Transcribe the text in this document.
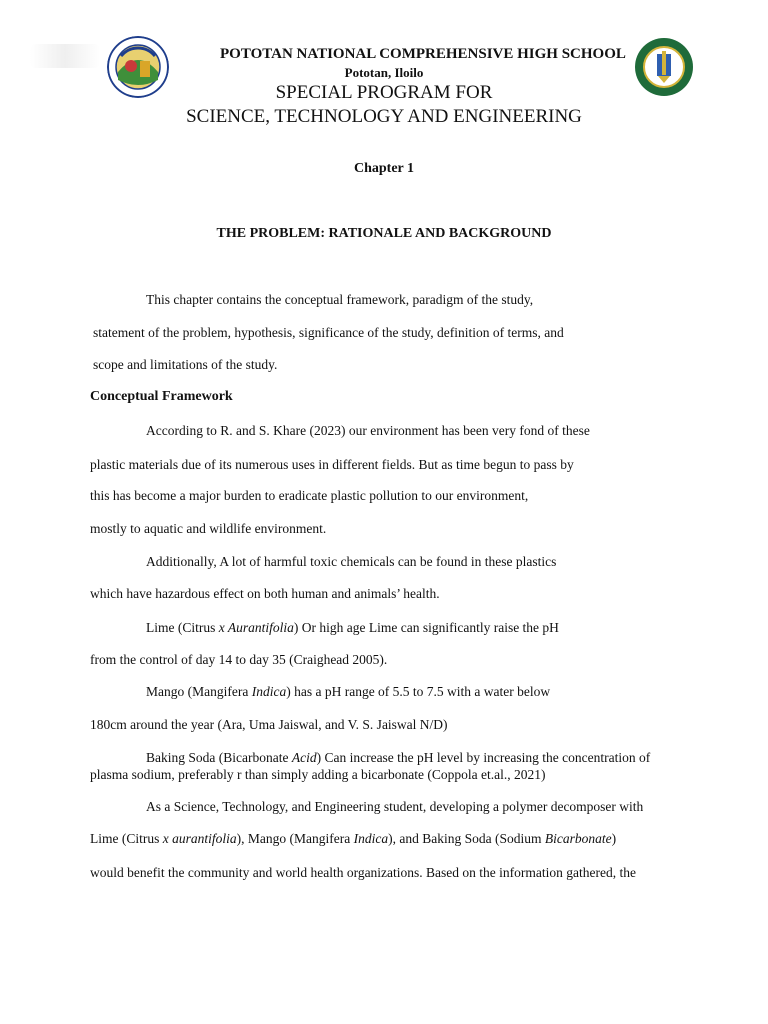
POTOTAN NATIONAL COMPREHENSIVE HIGH SCHOOL
Pototan, Iloilo
SPECIAL PROGRAM FOR
SCIENCE, TECHNOLOGY AND ENGINEERING
Chapter 1
THE PROBLEM: RATIONALE AND BACKGROUND
This chapter contains the conceptual framework, paradigm of the study,
statement of the problem, hypothesis, significance of the study, definition of terms, and
scope and limitations of the study.
Conceptual Framework
According to R. and S. Khare (2023) our environment has been very fond of these
plastic materials due of its numerous uses in different fields. But as time begun to pass by
this has become a major burden to eradicate plastic pollution to our environment,
mostly to aquatic and wildlife environment.
Additionally, A lot of harmful toxic chemicals can be found in these plastics
which have hazardous effect on both human and animals’ health.
Lime (Citrus x Aurantifolia) Or high age Lime can significantly raise the pH
from the control of day 14 to day 35 (Craighead 2005).
Mango (Mangifera Indica) has a pH range of 5.5 to 7.5 with a water below
180cm around the year (Ara, Uma Jaiswal, and V. S. Jaiswal N/D)
Baking Soda (Bicarbonate Acid) Can increase the pH level by increasing the concentration of
plasma sodium, preferably r than simply adding a bicarbonate (Coppola et.al., 2021)
As a Science, Technology, and Engineering student, developing a polymer decomposer with
Lime (Citrus x aurantifolia), Mango (Mangifera Indica), and Baking Soda (Sodium Bicarbonate)
would benefit the community and world health organizations. Based on the information gathered, the
